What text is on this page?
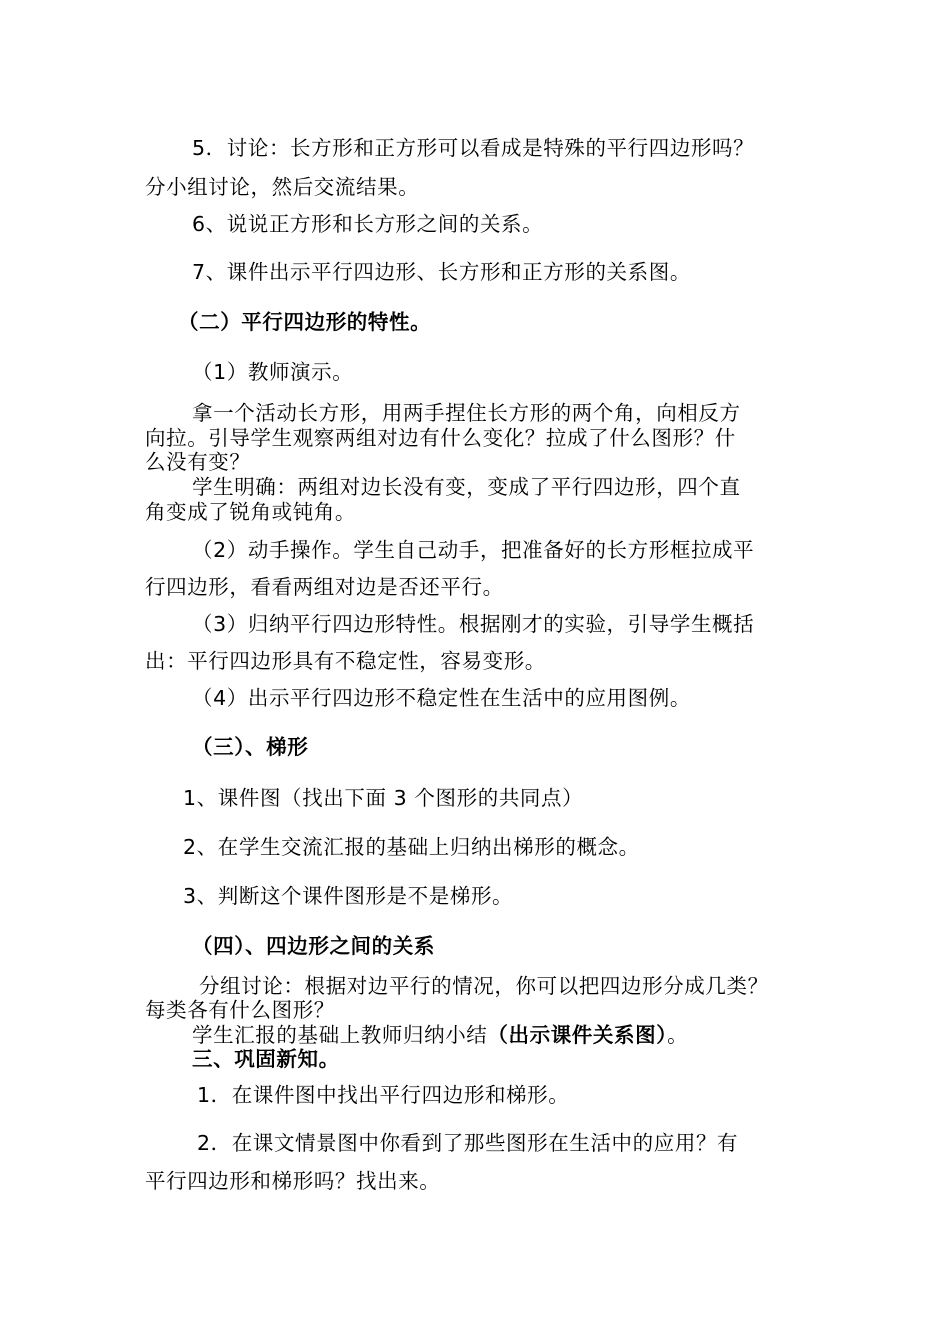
5．讨论：长方形和正方形可以看成是特殊的平行四边形吗？
分小组讨论，然后交流结果。
6、说说正方形和长方形之间的关系。
7、课件出示平行四边形、长方形和正方形的关系图。
（二）平行四边形的特性。
（1）教师演示。
拿一个活动长方形，用两手捏住长方形的两个角，向相反方
向拉。引导学生观察两组对边有什么变化？拉成了什么图形？什
么没有变？
学生明确：两组对边长没有变，变成了平行四边形，四个直
角变成了锐角或钝角。
（2）动手操作。学生自己动手，把准备好的长方形框拉成平
行四边形，看看两组对边是否还平行。
（3）归纳平行四边形特性。根据刚才的实验，引导学生概括
出：平行四边形具有不稳定性，容易变形。
（4）出示平行四边形不稳定性在生活中的应用图例。
（三）、梯形
1、课件图（找出下面 3 个图形的共同点）
2、在学生交流汇报的基础上归纳出梯形的概念。
3、判断这个课件图形是不是梯形。
（四）、四边形之间的关系
分组讨论：根据对边平行的情况，你可以把四边形分成几类？
每类各有什么图形？
学生汇报的基础上教师归纳小结（出示课件关系图）。
三、巩固新知。
1．在课件图中找出平行四边形和梯形。
2．在课文情景图中你看到了那些图形在生活中的应用？有
平行四边形和梯形吗？找出来。
